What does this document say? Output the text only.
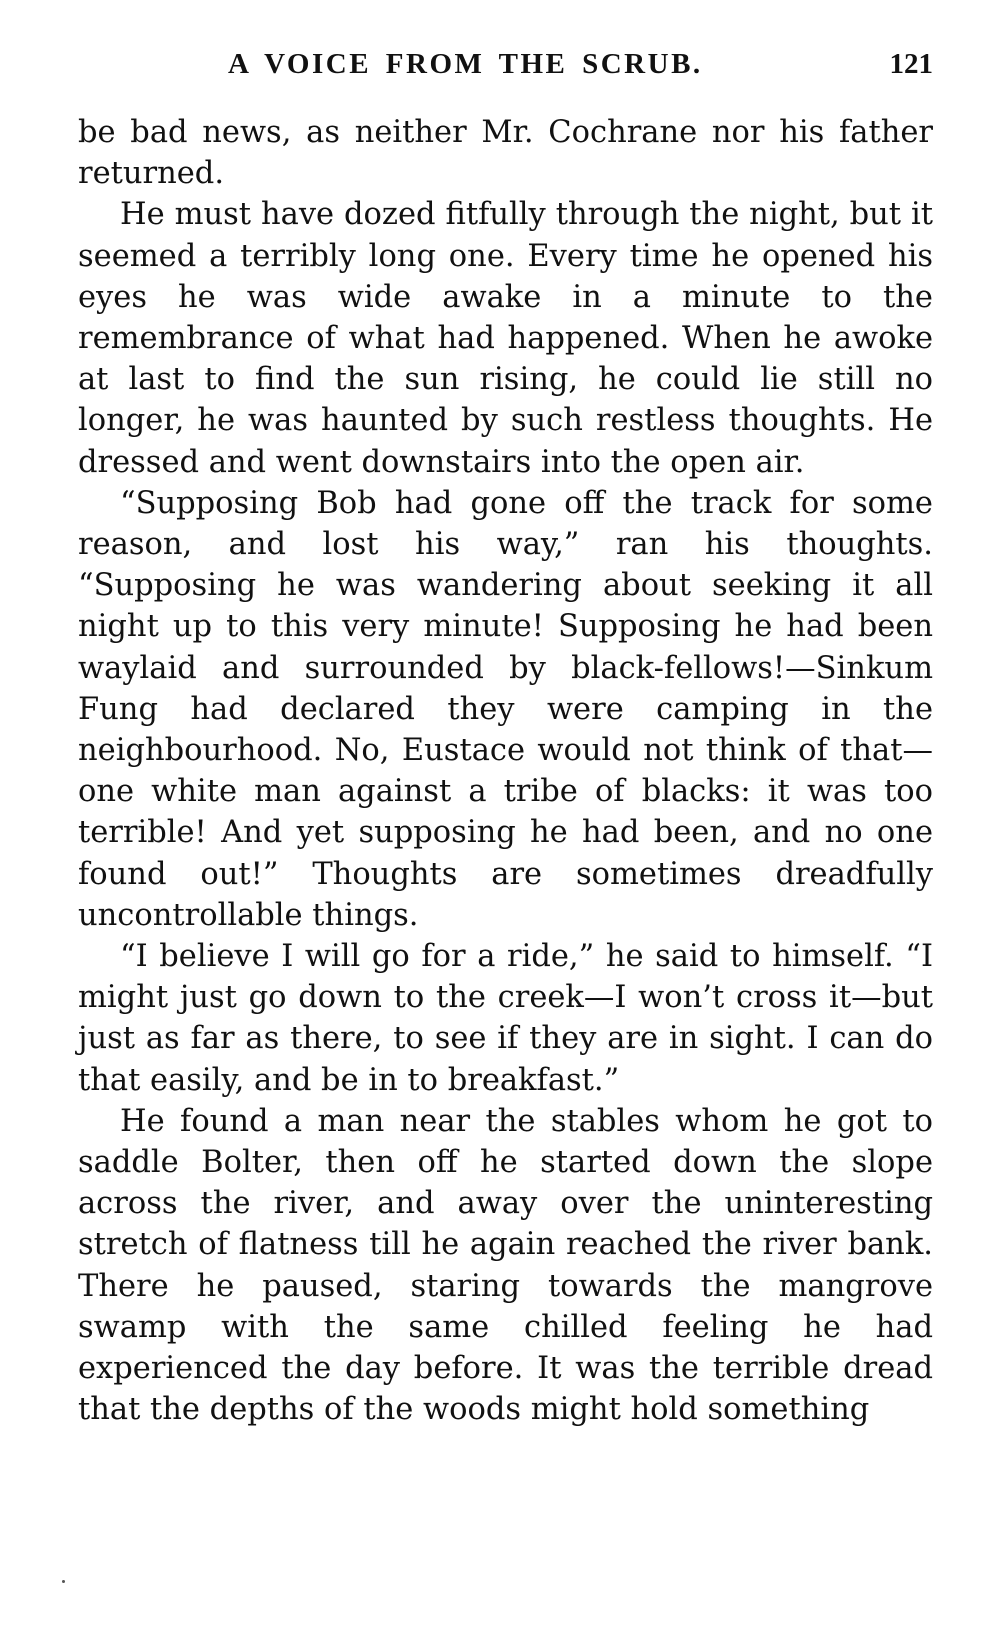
A VOICE FROM THE SCRUB.	121

be bad news, as neither Mr. Cochrane nor his father returned.

He must have dozed fitfully through the night, but it seemed a terribly long one. Every time he opened his eyes he was wide awake in a minute to the remembrance of what had happened. When he awoke at last to find the sun rising, he could lie still no longer, he was haunted by such restless thoughts. He dressed and went downstairs into the open air.

“Supposing Bob had gone off the track for some reason, and lost his way,” ran his thoughts. “Supposing he was wandering about seeking it all night up to this very minute! Supposing he had been waylaid and surrounded by black-fellows!—Sinkum Fung had declared they were camping in the neighbourhood. No, Eustace would not think of that—one white man against a tribe of blacks: it was too terrible! And yet supposing he had been, and no one found out!” Thoughts are sometimes dreadfully uncontrollable things.

“I believe I will go for a ride,” he said to himself. “I might just go down to the creek—I won’t cross it—but just as far as there, to see if they are in sight. I can do that easily, and be in to breakfast.”

He found a man near the stables whom he got to saddle Bolter, then off he started down the slope across the river, and away over the uninteresting stretch of flatness till he again reached the river bank. There he paused, staring towards the mangrove swamp with the same chilled feeling he had experienced the day before. It was the terrible dread that the depths of the woods might hold something
